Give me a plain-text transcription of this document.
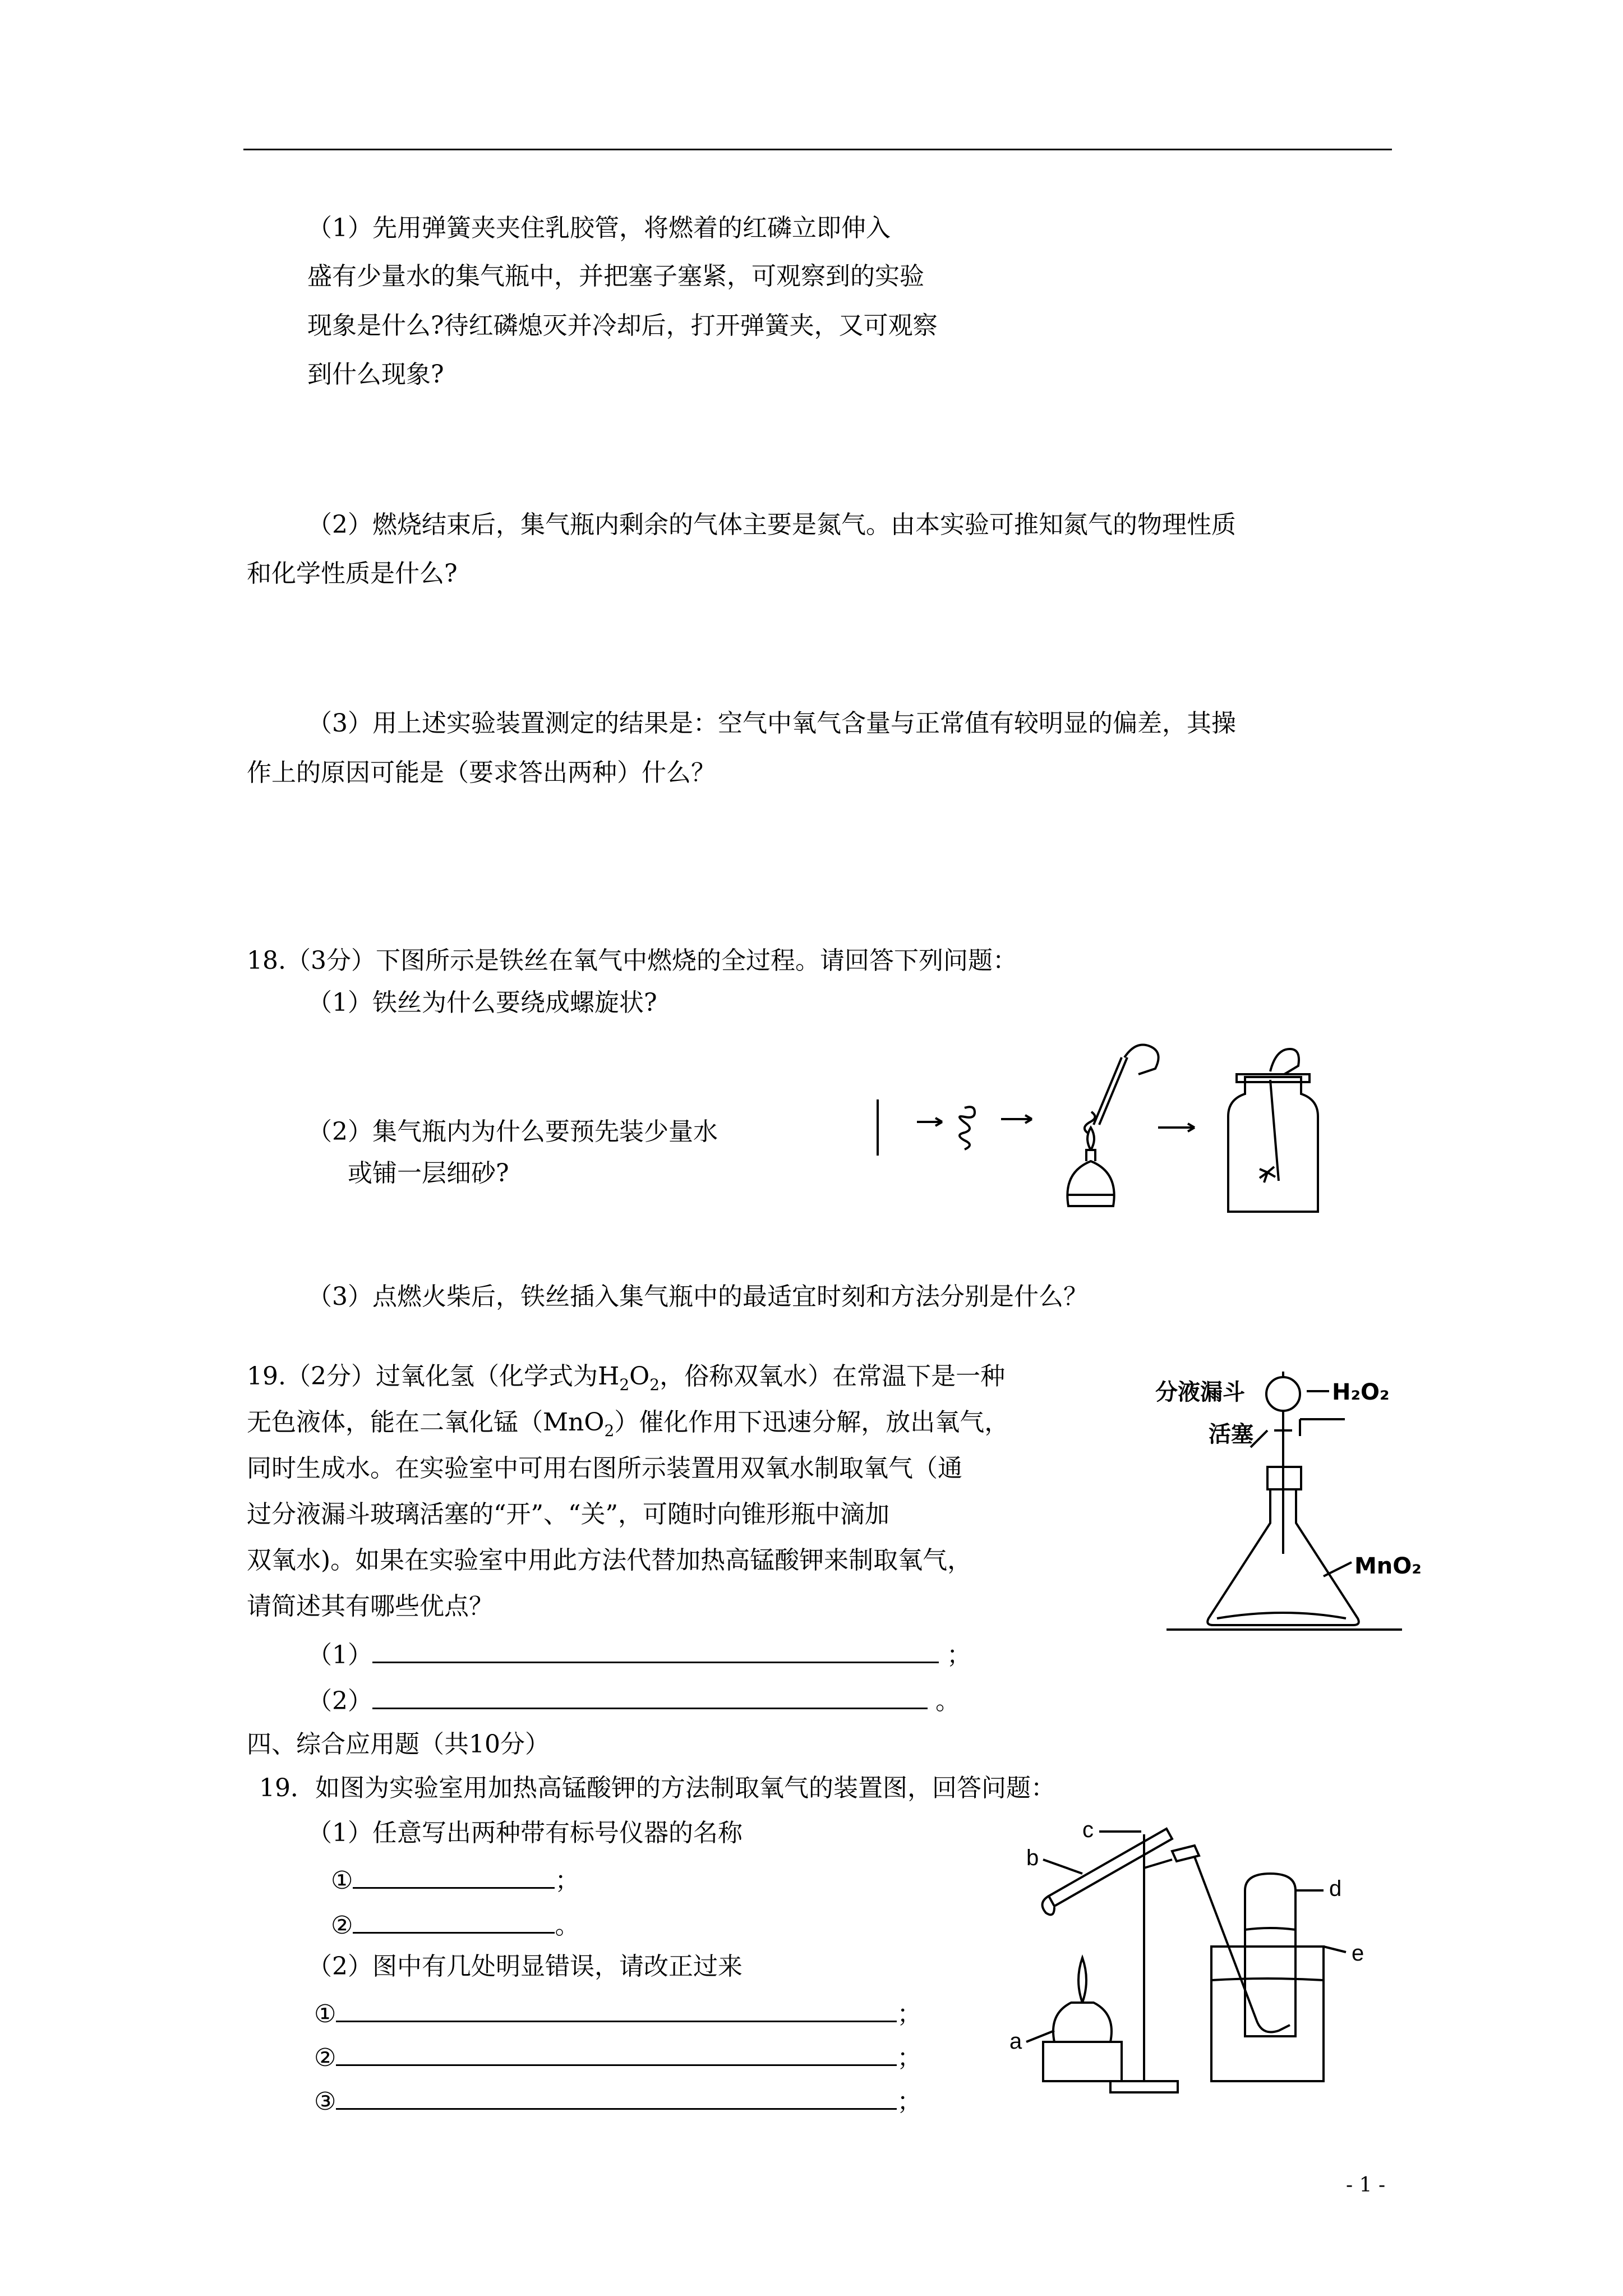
（1）先用弹簧夹夹住乳胶管，将燃着的红磷立即伸入
盛有少量水的集气瓶中，并把塞子塞紧，可观察到的实验
现象是什么?待红磷熄灭并冷却后，打开弹簧夹，又可观察
到什么现象?
（2）燃烧结束后，集气瓶内剩余的气体主要是氮气。由本实验可推知氮气的物理性质
和化学性质是什么?
（3）用上述实验装置测定的结果是：空气中氧气含量与正常值有较明显的偏差，其操
作上的原因可能是（要求答出两种）什么？
18.（3分）下图所示是铁丝在氧气中燃烧的全过程。请回答下列问题：
（1）铁丝为什么要绕成螺旋状?
（2）集气瓶内为什么要预先装少量水
或铺一层细砂?
（3）点燃火柴后，铁丝插入集气瓶中的最适宜时刻和方法分别是什么？
19.（2分）过氧化氢（化学式为$H_2O_2$，俗称双氧水）在常温下是一种
无色液体，能在二氧化锰（MnO$_2$）催化作用下迅速分解，放出氧气，
同时生成水。在实验室中可用右图所示装置用双氧水制取氧气（通
过分液漏斗玻璃活塞的“开”、“关”，可随时向锥形瓶中滴加
双氧水)。如果在实验室中用此方法代替加热高锰酸钾来制取氧气，
请简述其有哪些优点？
（1）	；
（2）	。
分液漏斗	H₂O₂
活塞
MnO₂
四、综合应用题（共10分）
19．如图为实验室用加热高锰酸钾的方法制取氧气的装置图，回答问题：
（1）任意写出两种带有标号仪器的名称
①	；
②	。
（2）图中有几处明显错误，请改正过来
①	；
②	；
③	；
c
b
a
d
e
- 1 -
